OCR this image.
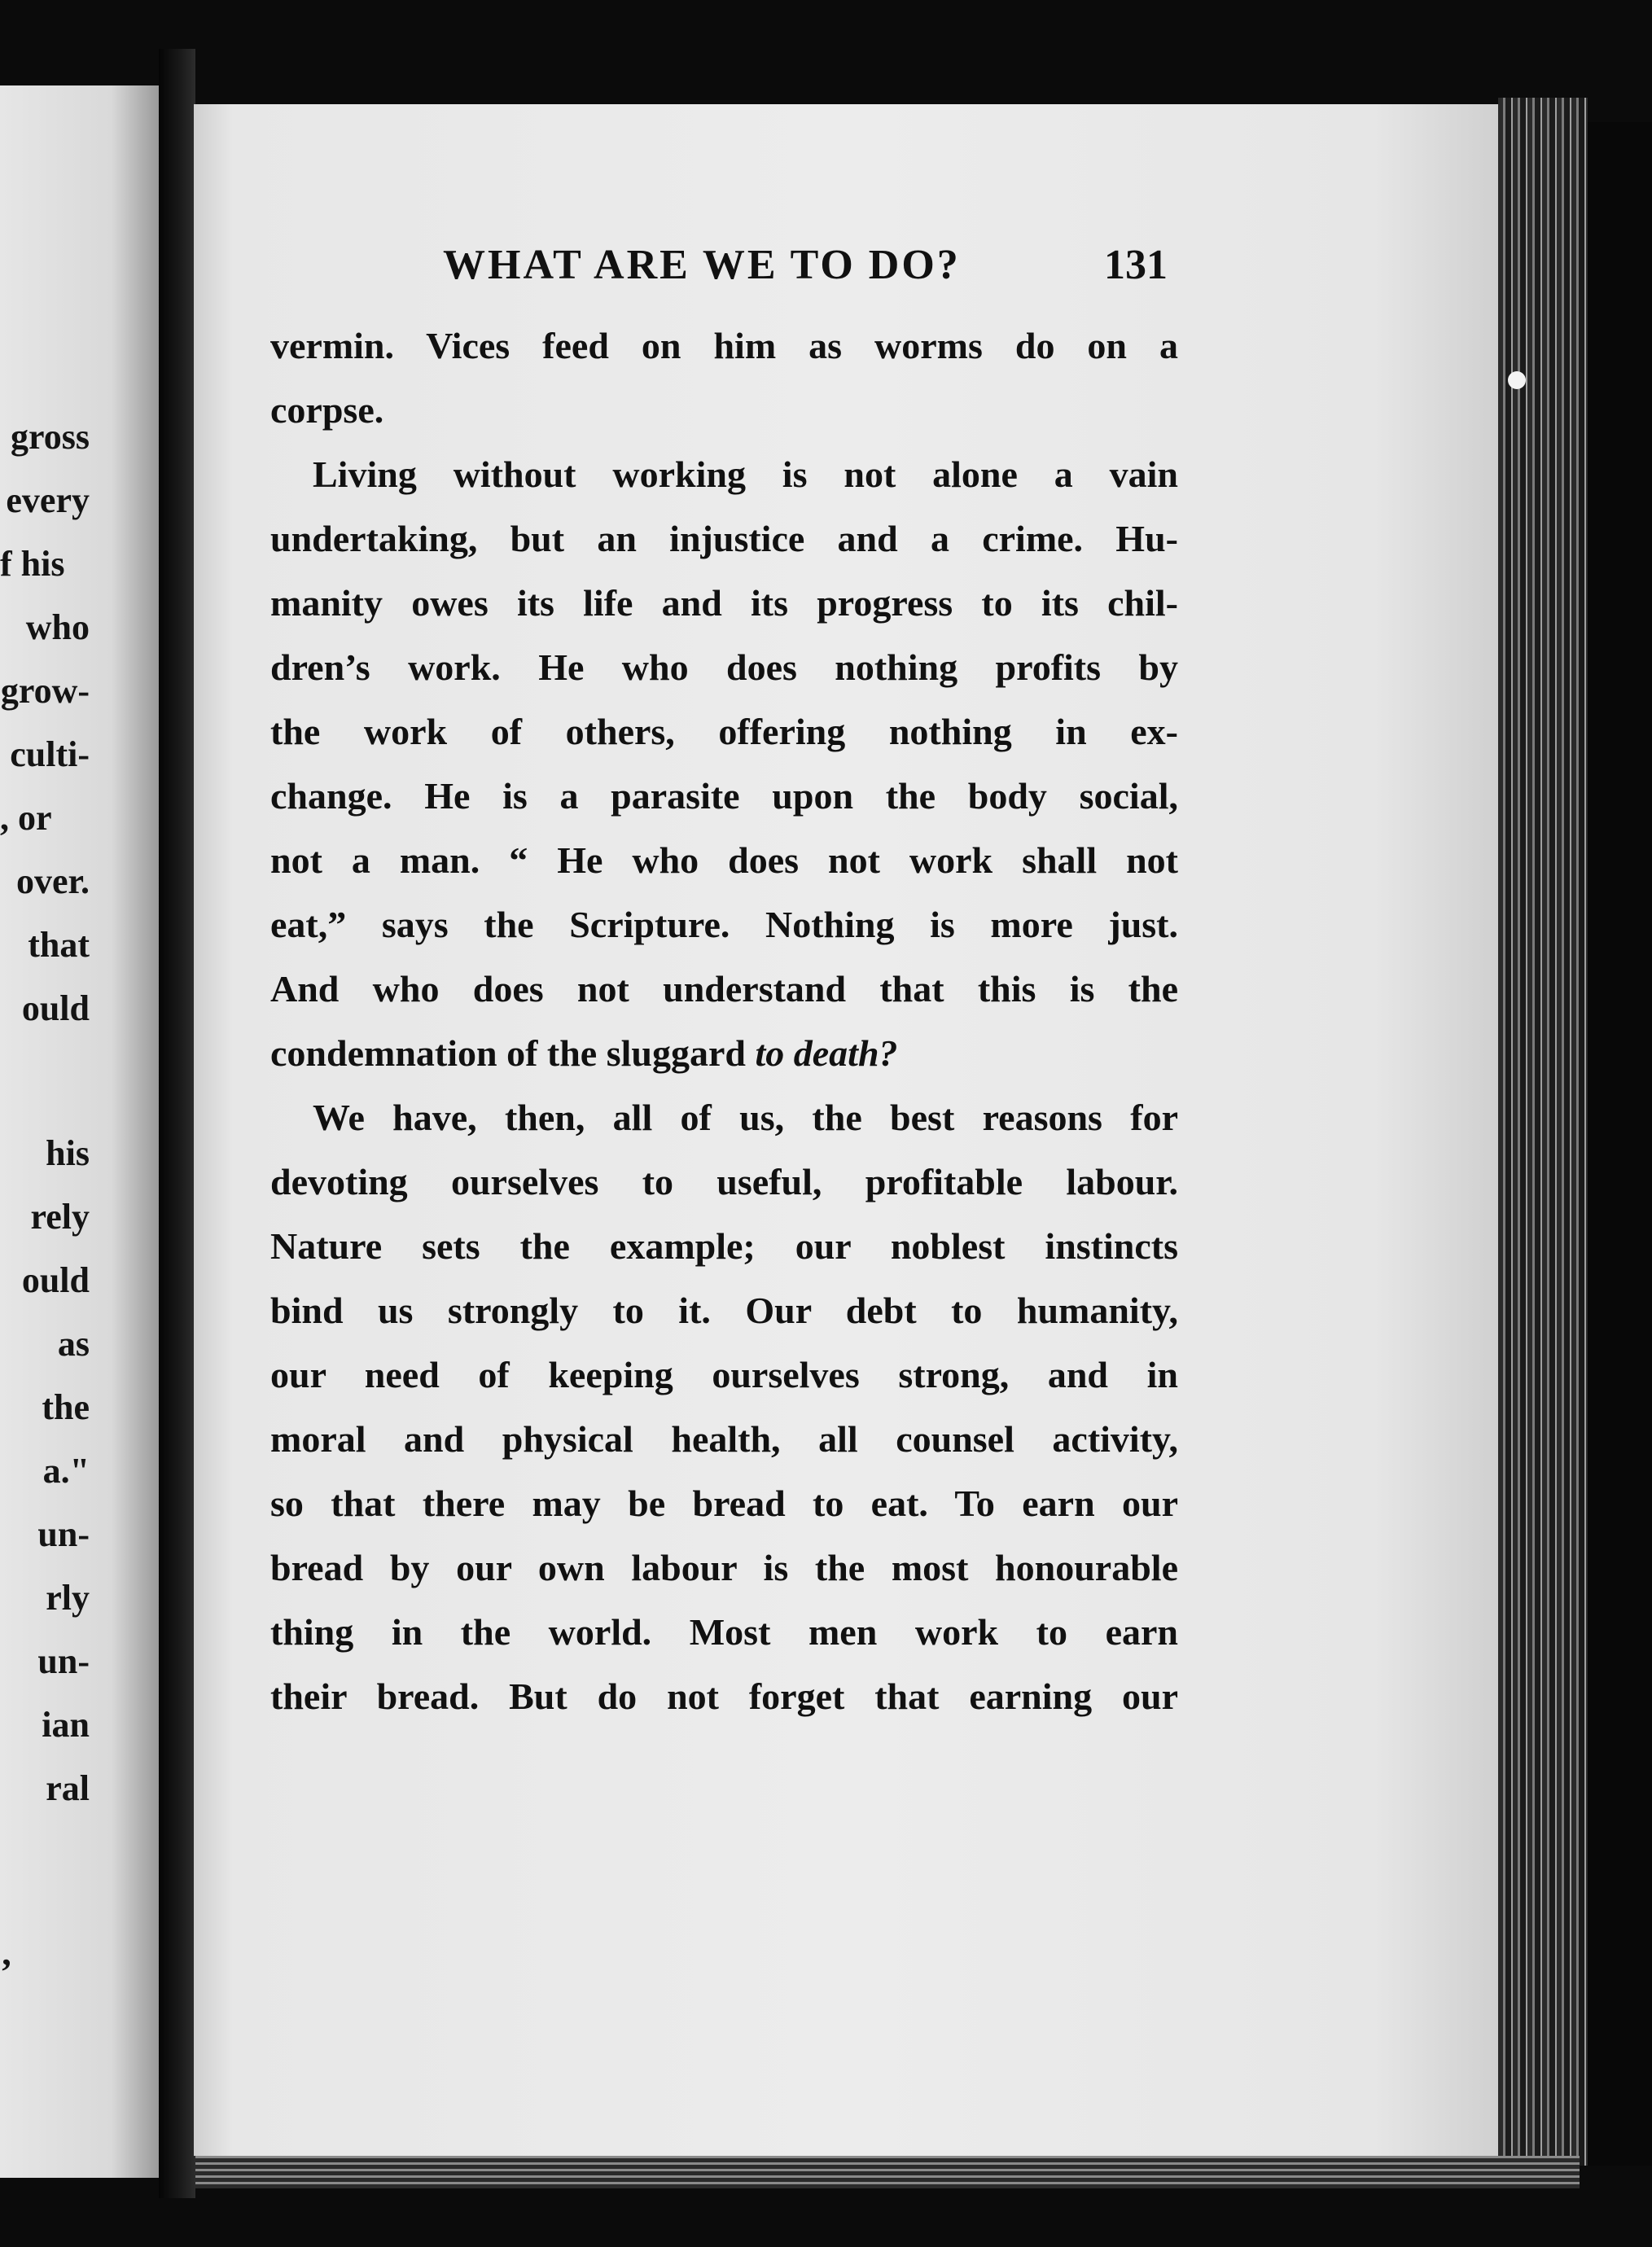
gross
every
f his
who
grow-
culti-
, or
over.
that
ould
his
rely
ould
as
the
a."
un-
rly
un-
ian
ral
’
WHAT ARE WE TO DO?	131
vermin. Vices feed on him as worms do on a
corpse.
Living without working is not alone a vain
undertaking, but an injustice and a crime. Hu-
manity owes its life and its progress to its chil-
dren’s work. He who does nothing profits by
the work of others, offering nothing in ex-
change. He is a parasite upon the body social,
not a man. “ He who does not work shall not
eat,” says the Scripture. Nothing is more just.
And who does not understand that this is the
condemnation of the sluggard to death?
We have, then, all of us, the best reasons for
devoting ourselves to useful, profitable labour.
Nature sets the example; our noblest instincts
bind us strongly to it. Our debt to humanity,
our need of keeping ourselves strong, and in
moral and physical health, all counsel activity,
so that there may be bread to eat. To earn our
bread by our own labour is the most honourable
thing in the world. Most men work to earn
their bread. But do not forget that earning our
